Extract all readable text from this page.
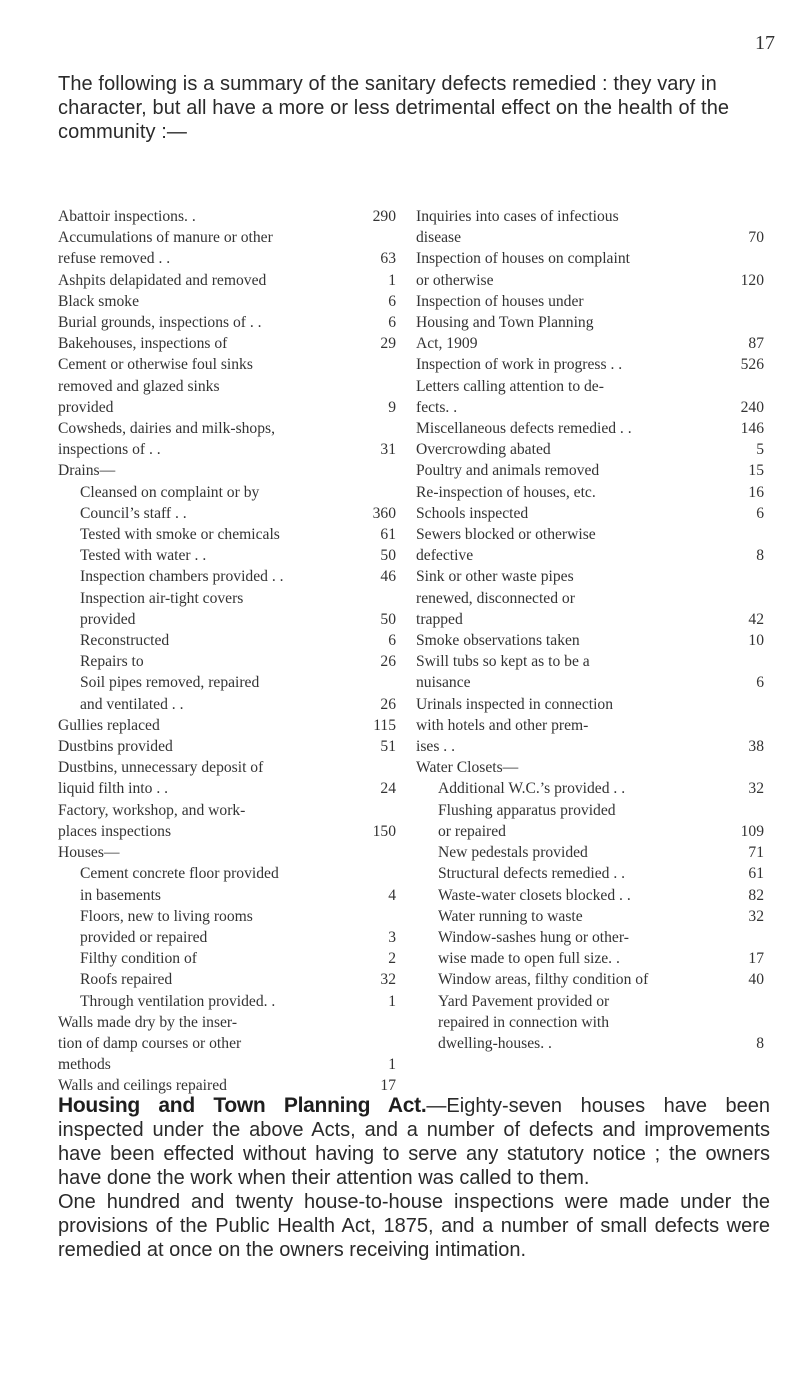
17
The following is a summary of the sanitary defects remedied : they vary in character, but all have a more or less detrimental effect on the health of the community :—
Abattoir inspections. .	290
Accumulations of manure or other
refuse removed . .	63
Ashpits delapidated and removed	1
Black smoke	6
Burial grounds, inspections of . .	6
Bakehouses, inspections of	29
Cement or otherwise foul sinks
removed and glazed sinks
provided	9
Cowsheds, dairies and milk-shops,
inspections of . .	31
Drains—
Cleansed on complaint or by
Council’s staff . .	360
Tested with smoke or chemicals	61
Tested with water . .	50
Inspection chambers provided . .	46
Inspection air-tight covers
provided	50
Reconstructed	6
Repairs to	26
Soil pipes removed, repaired
and ventilated . .	26
Gullies replaced	115
Dustbins provided	51
Dustbins, unnecessary deposit of
liquid filth into . .	24
Factory, workshop, and work-
places inspections	150
Houses—
Cement concrete floor provided
in basements	4
Floors, new to living rooms
provided or repaired	3
Filthy condition of	2
Roofs repaired	32
Through ventilation provided. .	1
Walls made dry by the inser-
tion of damp courses or other
methods	1
Walls and ceilings repaired	17
Inquiries into cases of infectious
disease	70
Inspection of houses on complaint
or otherwise	120
Inspection of houses under
Housing and Town Planning
Act, 1909	87
Inspection of work in progress . .	526
Letters calling attention to de-
fects. .	240
Miscellaneous defects remedied . .	146
Overcrowding abated	5
Poultry and animals removed	15
Re-inspection of houses, etc.	16
Schools inspected	6
Sewers blocked or otherwise
defective	8
Sink or other waste pipes
renewed, disconnected or
trapped	42
Smoke observations taken	10
Swill tubs so kept as to be a
nuisance	6
Urinals inspected in connection
with hotels and other prem-
ises . .	38
Water Closets—
Additional W.C.’s provided . .	32
Flushing apparatus provided
or repaired	109
New pedestals provided	71
Structural defects remedied . .	61
Waste-water closets blocked . .	82
Water running to waste	32
Window-sashes hung or other-
wise made to open full size. .	17
Window areas, filthy condition of	40
Yard Pavement provided or
repaired in connection with
dwelling-houses. .	8

Housing and Town Planning Act.—Eighty-seven houses have been inspected under the above Acts, and a number of defects and improvements have been effected without having to serve any statutory notice ; the owners have done the work when their attention was called to them.

One hundred and twenty house-to-house inspections were made under the provisions of the Public Health Act, 1875, and a number of small defects were remedied at once on the owners receiving intimation.
